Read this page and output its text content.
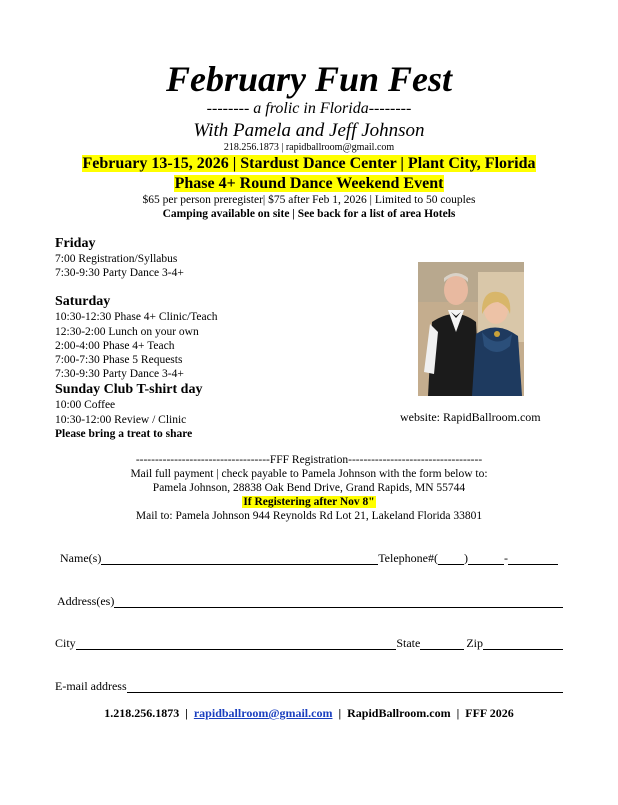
February Fun Fest
-------- a frolic in Florida--------
With Pamela and Jeff Johnson
218.256.1873 | rapidballroom@gmail.com
February 13-15, 2026 | Stardust Dance Center | Plant City, Florida
Phase 4+ Round Dance Weekend Event
$65 per person preregister| $75 after Feb 1, 2026 | Limited to 50 couples
Camping available on site | See back for a list of area Hotels
Friday
7:00 Registration/Syllabus
7:30-9:30 Party Dance 3-4+
Saturday
10:30-12:30 Phase 4+ Clinic/Teach
12:30-2:00 Lunch on your own
2:00-4:00 Phase 4+ Teach
7:00-7:30 Phase 5 Requests
7:30-9:30 Party Dance 3-4+
Sunday Club T-shirt day
10:00 Coffee
10:30-12:00 Review / Clinic
Please bring a treat to share
website: RapidBallroom.com
-----------------------------------FFF Registration-----------------------------------
Mail full payment | check payable to Pamela Johnson with the form below to:
Pamela Johnson, 28838 Oak Bend Drive, Grand Rapids, MN 55744
If Registering after Nov 8"
Mail to: Pamela Johnson 944 Reynolds Rd Lot 21, Lakeland Florida 33801
Name(s)	Telephone#( )	-
Address(es)
City	State	Zip
E-mail address
1.218.256.1873 | rapidballroom@gmail.com | RapidBallroom.com | FFF 2026
